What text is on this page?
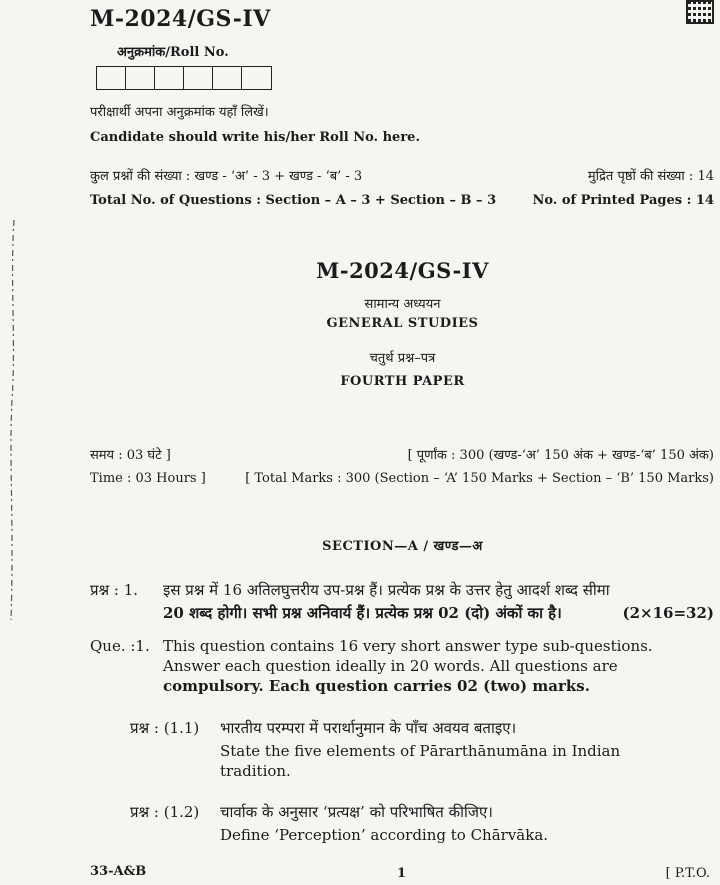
M-2024/GS-IV
अनुक्रमांक/Roll No.
परीक्षार्थी अपना अनुक्रमांक यहाँ लिखें।
Candidate should write his/her Roll No. here.
कुल प्रश्नों की संख्या : खण्ड - ‘अ’ - 3 + खण्ड - ‘ब’ - 3	मुद्रित पृष्ठों की संख्या : 14
Total No. of Questions : Section – A – 3 + Section – B – 3	No. of Printed Pages : 14
M-2024/GS-IV
सामान्य अध्ययन
GENERAL STUDIES
चतुर्थ प्रश्न–पत्र
FOURTH PAPER
समय : 03 घंटे ]	[ पूर्णांक : 300 (खण्ड-‘अ’ 150 अंक + खण्ड-‘ब’ 150 अंक)
Time : 03 Hours ]	[ Total Marks : 300 (Section – ‘A’ 150 Marks + Section – ‘B’ 150 Marks)
SECTION—A / खण्ड—अ
प्रश्न : 1. इस प्रश्न में 16 अतिलघुत्तरीय उप-प्रश्न हैं। प्रत्येक प्रश्न के उत्तर हेतु आदर्श शब्द सीमा
20 शब्द होगी। सभी प्रश्न अनिवार्य हैं। प्रत्येक प्रश्न 02 (दो) अंकों का है।	(2×16=32)
Que. :1. This question contains 16 very short answer type sub-questions.
Answer each question ideally in 20 words. All questions are
compulsory. Each question carries 02 (two) marks.
प्रश्न : (1.1) भारतीय परम्परा में परार्थानुमान के पाँच अवयव बताइए।
State the five elements of Pārarthānumāna in Indian
tradition.
प्रश्न : (1.2) चार्वाक के अनुसार ‘प्रत्यक्ष’ को परिभाषित कीजिए।
Define ‘Perception’ according to Chārvāka.
33-A&B	1	[ P.T.O.
